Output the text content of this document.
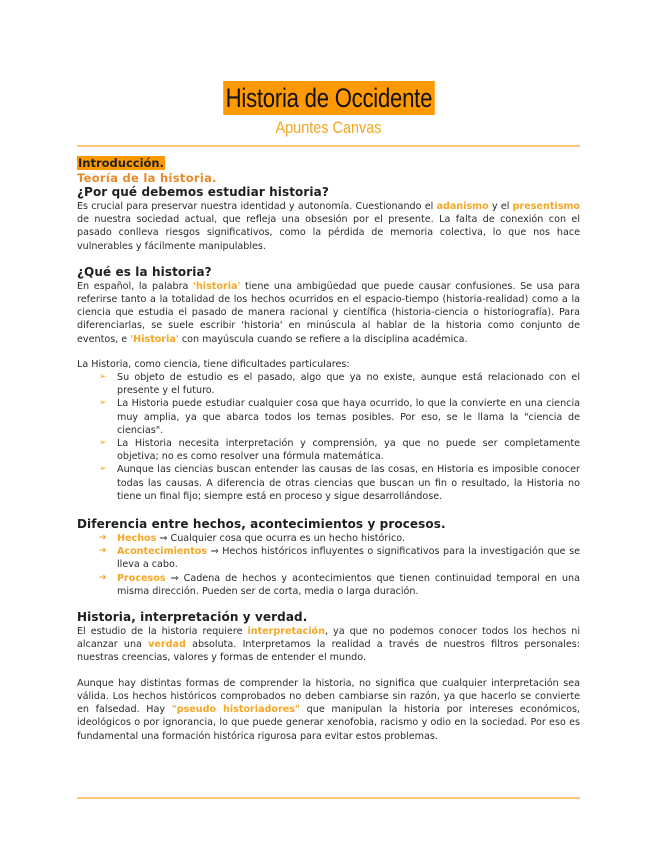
Historia de Occidente
Apuntes Canvas
Introducción.
Teoría de la historia.
¿Por qué debemos estudiar historia?

Es crucial para preservar nuestra identidad y autonomía. Cuestionando el adanismo y el presentismo de nuestra sociedad actual, que refleja una obsesión por el presente. La falta de conexión con el pasado conlleva riesgos significativos, como la pérdida de memoria colectiva, lo que nos hace vulnerables y fácilmente manipulables.

¿Qué es la historia?

En español, la palabra 'historia' tiene una ambigüedad que puede causar confusiones. Se usa para referirse tanto a la totalidad de los hechos ocurridos en el espacio-tiempo (historia-realidad) como a la ciencia que estudia el pasado de manera racional y científica (historia-ciencia o historiografía). Para diferenciarlas, se suele escribir 'historia' en minúscula al hablar de la historia como conjunto de eventos, e 'Historia' con mayúscula cuando se refiere a la disciplina académica.

La Historia, como ciencia, tiene dificultades particulares:

➢ Su objeto de estudio es el pasado, algo que ya no existe, aunque está relacionado con el presente y el futuro.
➢ La Historia puede estudiar cualquier cosa que haya ocurrido, lo que la convierte en una ciencia muy amplia, ya que abarca todos los temas posibles. Por eso, se le llama la "ciencia de ciencias".
➢ La Historia necesita interpretación y comprensión, ya que no puede ser completamente objetiva; no es como resolver una fórmula matemática.
➢ Aunque las ciencias buscan entender las causas de las cosas, en Historia es imposible conocer todas las causas. A diferencia de otras ciencias que buscan un fin o resultado, la Historia no tiene un final fijo; siempre está en proceso y sigue desarrollándose.
Diferencia entre hechos, acontecimientos y procesos.
➔ Hechos ⇒ Cualquier cosa que ocurra es un hecho histórico.
➔ Acontecimientos ⇒ Hechos históricos influyentes o significativos para la investigación que se lleva a cabo.
➔ Procesos ⇒ Cadena de hechos y acontecimientos que tienen continuidad temporal en una misma dirección. Pueden ser de corta, media o larga duración.
Historia, interpretación y verdad.

El estudio de la historia requiere interpretación, ya que no podemos conocer todos los hechos ni alcanzar una verdad absoluta. Interpretamos la realidad a través de nuestros filtros personales: nuestras creencias, valores y formas de entender el mundo.

Aunque hay distintas formas de comprender la historia, no significa que cualquier interpretación sea válida. Los hechos históricos comprobados no deben cambiarse sin razón, ya que hacerlo se convierte en falsedad. Hay "pseudo historiadores" que manipulan la historia por intereses económicos, ideológicos o por ignorancia, lo que puede generar xenofobia, racismo y odio en la sociedad. Por eso es fundamental una formación histórica rigurosa para evitar estos problemas.
